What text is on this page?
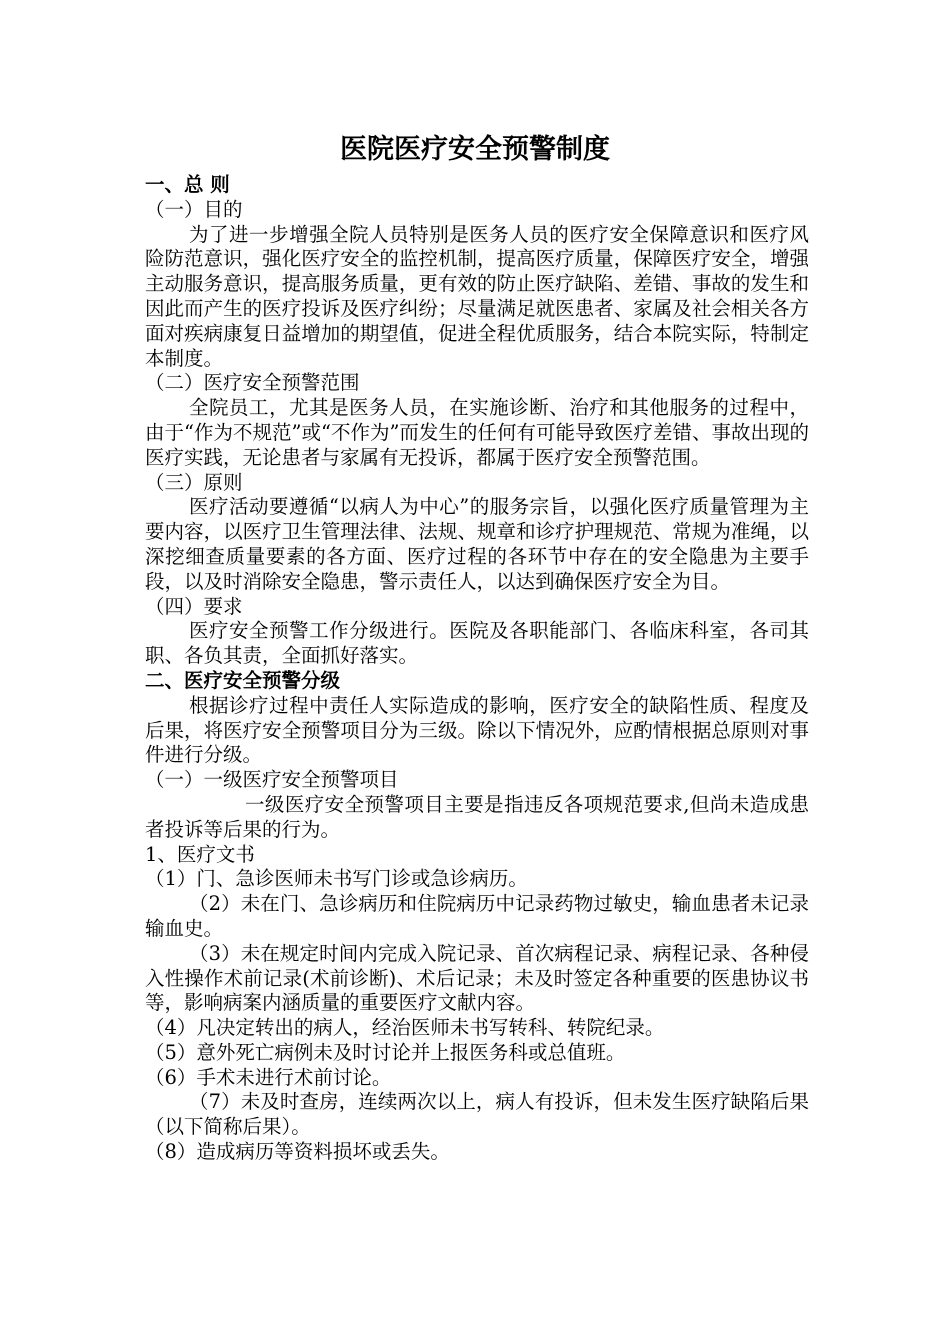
医院医疗安全预警制度

一、总 则

（一）目的

为了进一步增强全院人员特别是医务人员的医疗安全保障意识和医疗风险防范意识，强化医疗安全的监控机制，提高医疗质量，保障医疗安全，增强主动服务意识，提高服务质量，更有效的防止医疗缺陷、差错、事故的发生和因此而产生的医疗投诉及医疗纠纷；尽量满足就医患者、家属及社会相关各方面对疾病康复日益增加的期望值，促进全程优质服务，结合本院实际，特制定本制度。

（二）医疗安全预警范围

全院员工，尤其是医务人员，在实施诊断、治疗和其他服务的过程中，由于“作为不规范”或“不作为”而发生的任何有可能导致医疗差错、事故出现的医疗实践，无论患者与家属有无投诉，都属于医疗安全预警范围。

（三）原则

医疗活动要遵循“以病人为中心”的服务宗旨，以强化医疗质量管理为主要内容，以医疗卫生管理法律、法规、规章和诊疗护理规范、常规为准绳，以深挖细查质量要素的各方面、医疗过程的各环节中存在的安全隐患为主要手段，以及时消除安全隐患，警示责任人，以达到确保医疗安全为目。

（四）要求

医疗安全预警工作分级进行。医院及各职能部门、各临床科室，各司其职、各负其责，全面抓好落实。

二、医疗安全预警分级

根据诊疗过程中责任人实际造成的影响，医疗安全的缺陷性质、程度及后果，将医疗安全预警项目分为三级。除以下情况外，应酌情根据总原则对事件进行分级。

（一）一级医疗安全预警项目

一级医疗安全预警项目主要是指违反各项规范要求,但尚未造成患者投诉等后果的行为。

1、医疗文书

（1）门、急诊医师未书写门诊或急诊病历。

（2）未在门、急诊病历和住院病历中记录药物过敏史，输血患者未记录输血史。

（3）未在规定时间内完成入院记录、首次病程记录、病程记录、各种侵入性操作术前记录(术前诊断)、术后记录；未及时签定各种重要的医患协议书等，影响病案内涵质量的重要医疗文献内容。

（4）凡决定转出的病人，经治医师未书写转科、转院纪录。

（5）意外死亡病例未及时讨论并上报医务科或总值班。

（6）手术未进行术前讨论。

（7）未及时查房，连续两次以上，病人有投诉，但未发生医疗缺陷后果（以下简称后果）。

（8）造成病历等资料损坏或丢失。
